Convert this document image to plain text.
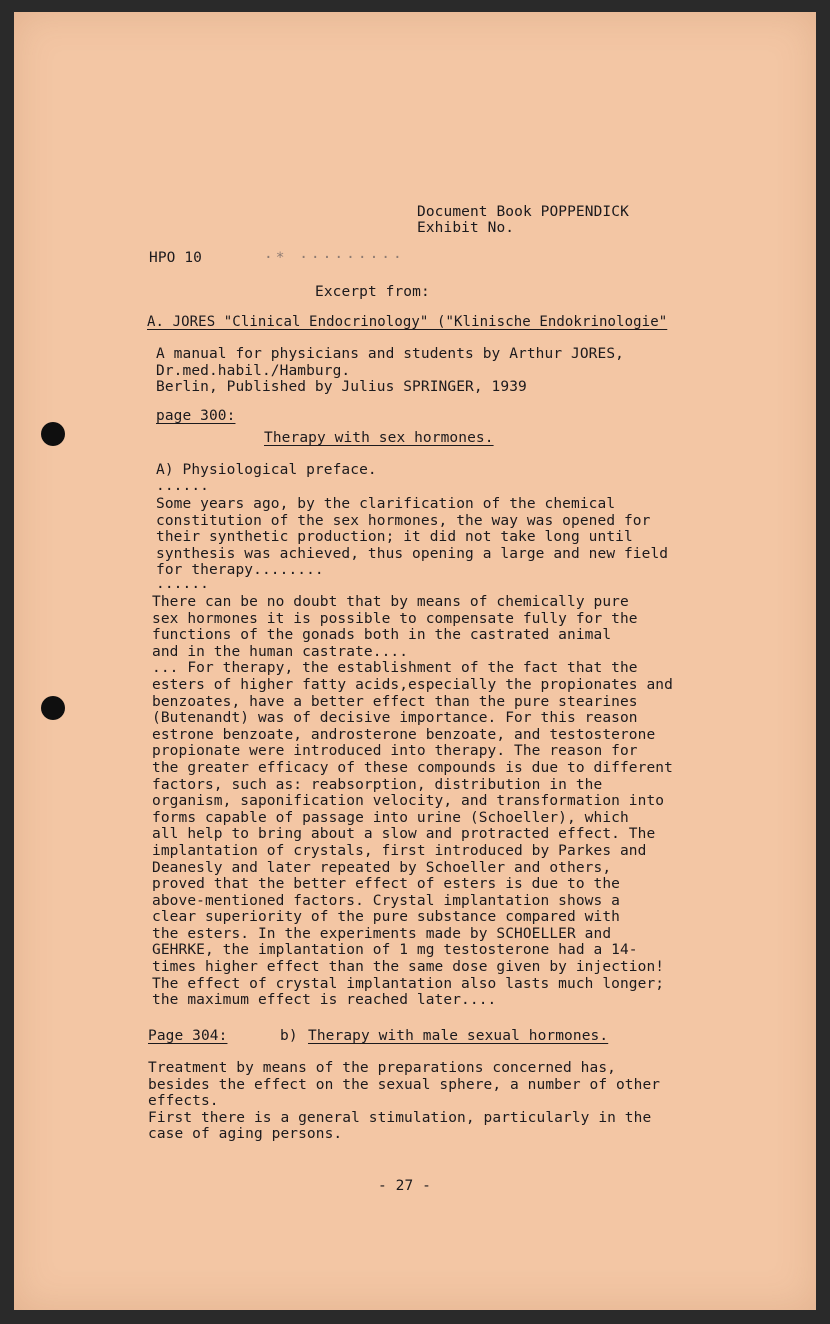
Document Book POPPENDICK
Exhibit No.
HPO 10	·* ·········
Excerpt from:
A. JORES "Clinical Endocrinology" ("Klinische Endokrinologie"
A manual for physicians and students by Arthur JORES,
Dr.med.habil./Hamburg.
Berlin, Published by Julius SPRINGER, 1939
page 300:
Therapy with sex hormones.
A) Physiological preface.
......
Some years ago, by the clarification of the chemical
constitution of the sex hormones, the way was opened for
their synthetic production; it did not take long until
synthesis was achieved, thus opening a large and new field
for therapy........
......
There can be no doubt that by means of chemically pure
sex hormones it is possible to compensate fully for the
functions of the gonads both in the castrated animal
and in the human castrate....
... For therapy, the establishment of the fact that the
esters of higher fatty acids,especially the propionates and
benzoates, have a better effect than the pure stearines
(Butenandt) was of decisive importance. For this reason
estrone benzoate, androsterone benzoate, and testosterone
propionate were introduced into therapy. The reason for
the greater efficacy of these compounds is due to different
factors, such as: reabsorption, distribution in the
organism, saponification velocity, and transformation into
forms capable of passage into urine (Schoeller), which
all help to bring about a slow and protracted effect. The
implantation of crystals, first introduced by Parkes and
Deanesly and later repeated by Schoeller and others,
proved that the better effect of esters is due to the
above-mentioned factors. Crystal implantation shows a
clear superiority of the pure substance compared with
the esters. In the experiments made by SCHOELLER and
GEHRKE, the implantation of 1 mg testosterone had a 14-
times higher effect than the same dose given by injection!
The effect of crystal implantation also lasts much longer;
the maximum effect is reached later....
Page 304:	b) Therapy with male sexual hormones.
Treatment by means of the preparations concerned has,
besides the effect on the sexual sphere, a number of other
effects.
First there is a general stimulation, particularly in the
case of aging persons.
- 27 -
